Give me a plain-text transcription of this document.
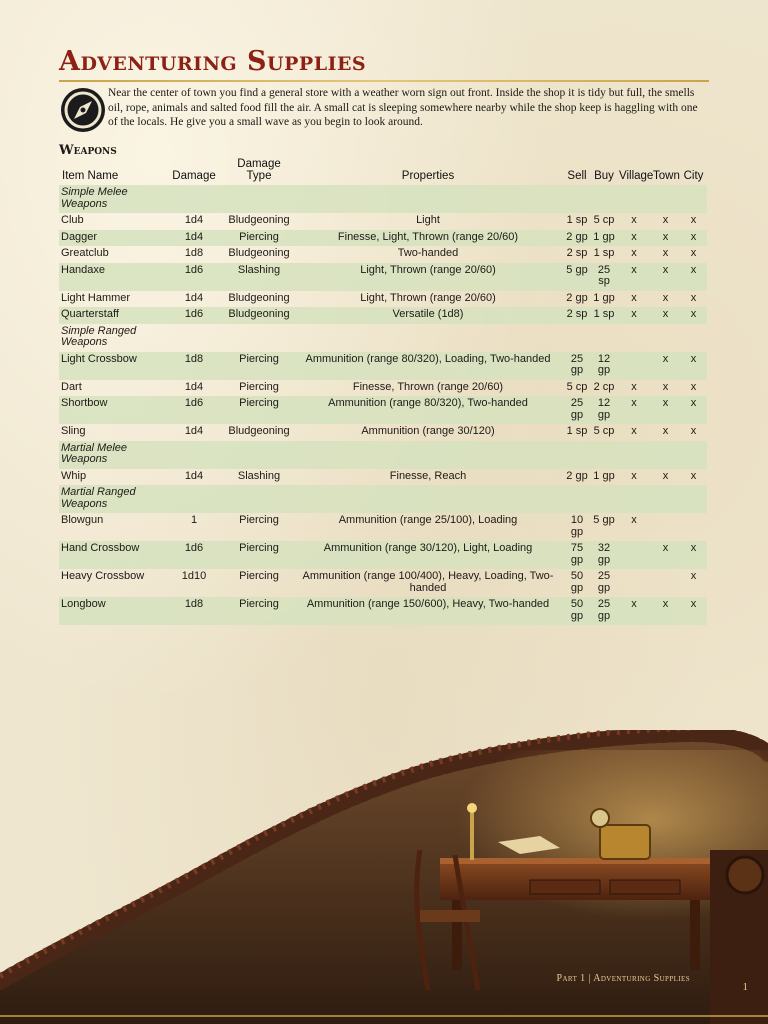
Adventuring Supplies

Near the center of town you find a general store with a weather worn sign out front. Inside the shop it is tidy but full, the smells oil, rope, animals and salted food fill the air. A small cat is sleeping somewhere nearby while the shop keep is haggling with one of the locals. He give you a small wave as you begin to look around.

Weapons
Item Name	Damage	Damage Type	Properties	Sell	Buy	Village	Town	City
Simple Melee Weapons								
Club	1d4	Bludgeoning	Light	1 sp	5 cp	x	x	x
Dagger	1d4	Piercing	Finesse, Light, Thrown (range 20/60)	2 gp	1 gp	x	x	x
Greatclub	1d8	Bludgeoning	Two-handed	2 sp	1 sp	x	x	x
Handaxe	1d6	Slashing	Light, Thrown (range 20/60)	5 gp	25 sp	x	x	x
Light Hammer	1d4	Bludgeoning	Light, Thrown (range 20/60)	2 gp	1 gp	x	x	x
Quarterstaff	1d6	Bludgeoning	Versatile (1d8)	2 sp	1 sp	x	x	x
Simple Ranged Weapons								
Light Crossbow	1d8	Piercing	Ammunition (range 80/320), Loading, Two-handed	25 gp	12 gp		x	x
Dart	1d4	Piercing	Finesse, Thrown (range 20/60)	5 cp	2 cp	x	x	x
Shortbow	1d6	Piercing	Ammunition (range 80/320), Two-handed	25 gp	12 gp	x	x	x
Sling	1d4	Bludgeoning	Ammunition (range 30/120)	1 sp	5 cp	x	x	x
Martial Melee Weapons								
Whip	1d4	Slashing	Finesse, Reach	2 gp	1 gp	x	x	x
Martial Ranged Weapons								
Blowgun	1	Piercing	Ammunition (range 25/100), Loading	10 gp	5 gp	x		
Hand Crossbow	1d6	Piercing	Ammunition (range 30/120), Light, Loading	75 gp	32 gp		x	x
Heavy Crossbow	1d10	Piercing	Ammunition (range 100/400), Heavy, Loading, Two-handed	50 gp	25 gp			x
Longbow	1d8	Piercing	Ammunition (range 150/600), Heavy, Two-handed	50 gp	25 gp	x	x	x
Part 1 | Adventuring Supplies
1
